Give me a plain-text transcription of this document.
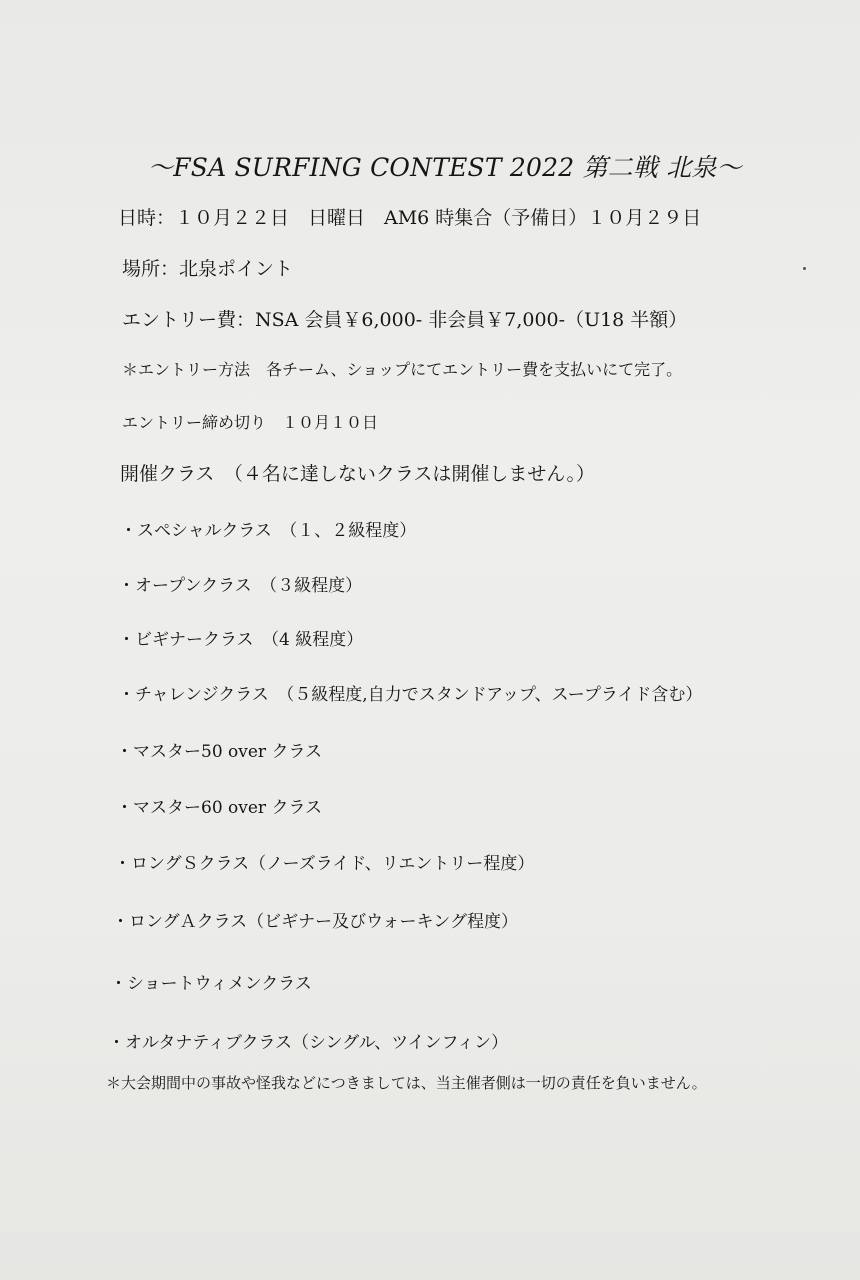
〜FSA SURFING CONTEST 2022 第二戦 北泉〜
日時：１０月２２日　日曜日　AM6 時集合（予備日）１０月２９日
場所：北泉ポイント
エントリー費：NSA 会員￥6,000- 非会員￥7,000-（U18 半額）
＊エントリー方法　各チーム、ショップにてエントリー費を支払いにて完了。
エントリー締め切り　１０月１０日
開催クラス　（４名に達しないクラスは開催しません。）
・スペシャルクラス　（１、２級程度）
・オープンクラス　（３級程度）
・ビギナークラス　（4 級程度）
・チャレンジクラス　（５級程度,自力でスタンドアップ、スープライド含む）
・マスター50 over クラス
・マスター60 over クラス
・ロングＳクラス（ノーズライド、リエントリー程度）
・ロングＡクラス（ビギナー及びウォーキング程度）
・ショートウィメンクラス
・オルタナティブクラス（シングル、ツインフィン）
＊大会期間中の事故や怪我などにつきましては、当主催者側は一切の責任を負いません。
